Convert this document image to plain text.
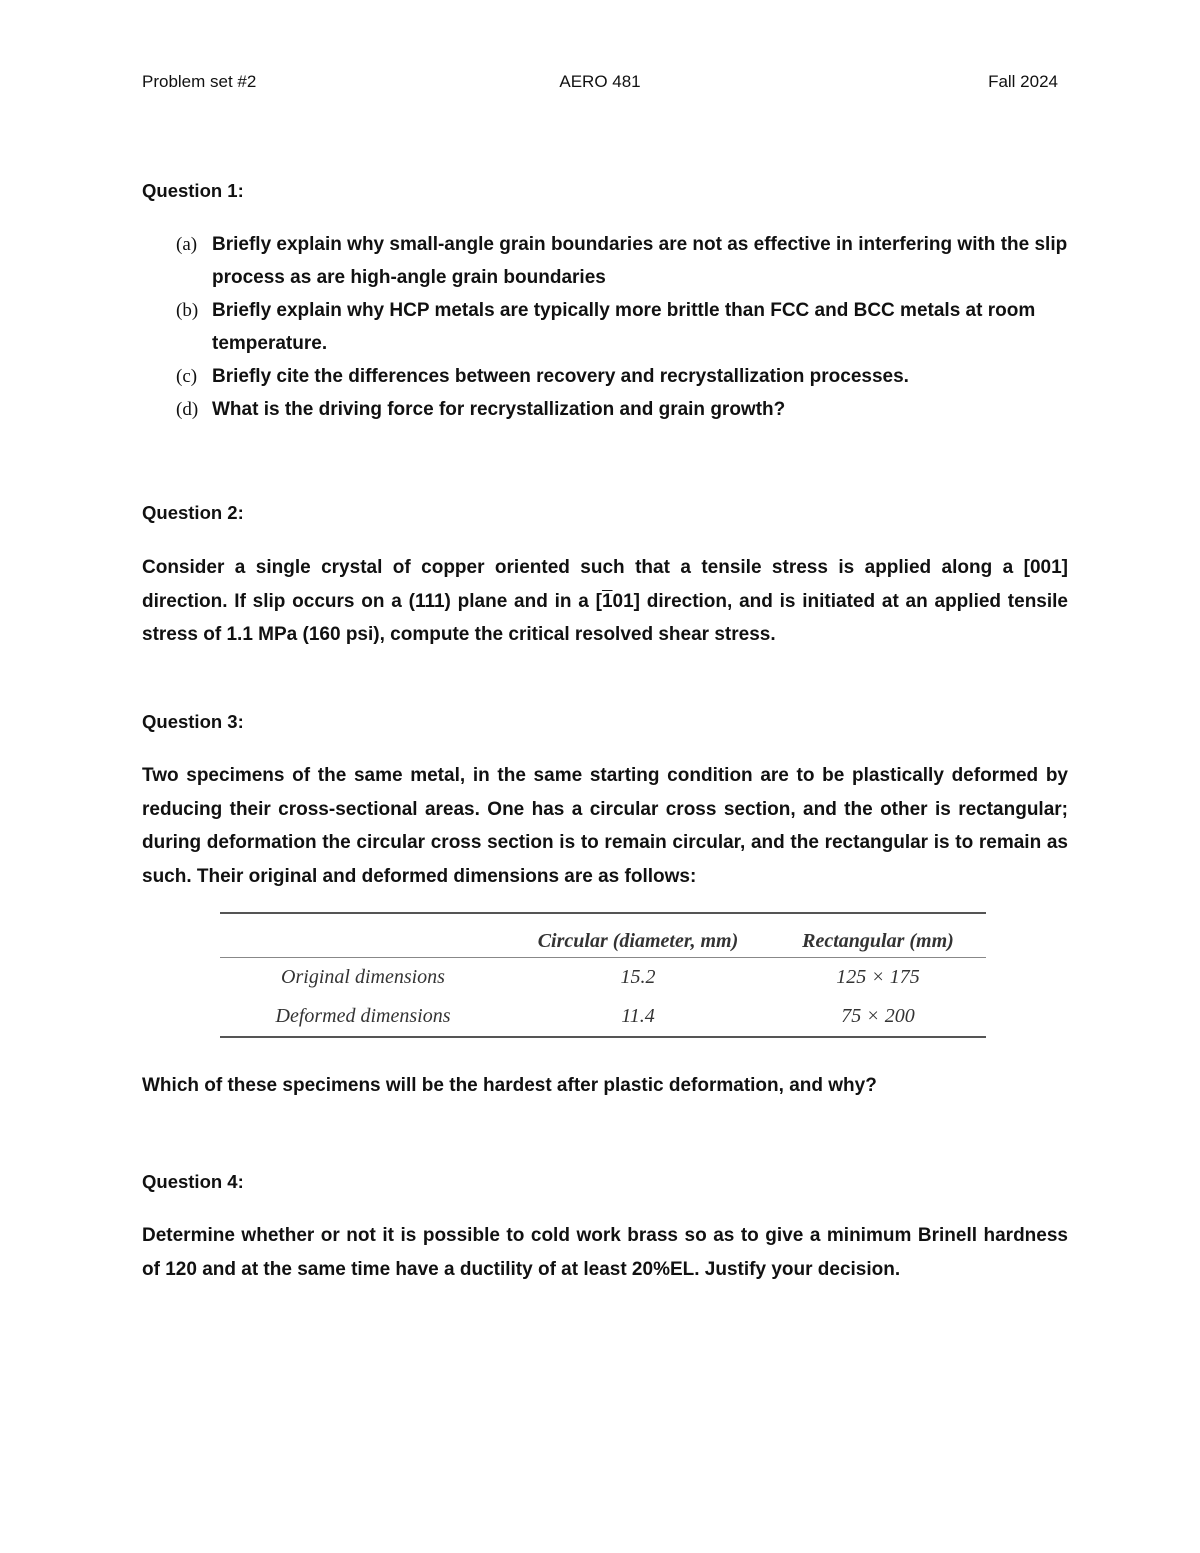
Problem set #2	AERO 481	Fall 2024
Question 1:
(a) Briefly explain why small-angle grain boundaries are not as effective in interfering with the slip process as are high-angle grain boundaries
(b) Briefly explain why HCP metals are typically more brittle than FCC and BCC metals at room temperature.
(c) Briefly cite the differences between recovery and recrystallization processes.
(d) What is the driving force for recrystallization and grain growth?
Question 2:

Consider a single crystal of copper oriented such that a tensile stress is applied along a [001] direction. If slip occurs on a (111) plane and in a [101] direction, and is initiated at an applied tensile stress of 1.1 MPa (160 psi), compute the critical resolved shear stress.

Question 3:

Two specimens of the same metal, in the same starting condition are to be plastically deformed by reducing their cross-sectional areas. One has a circular cross section, and the other is rectangular; during deformation the circular cross section is to remain circular, and the rectangular is to remain as such. Their original and deformed dimensions are as follows:

	Circular (diameter, mm)	Rectangular (mm)
Original dimensions	15.2	125 × 175
Deformed dimensions	11.4	75 × 200

Which of these specimens will be the hardest after plastic deformation, and why?

Question 4:

Determine whether or not it is possible to cold work brass so as to give a minimum Brinell hardness of 120 and at the same time have a ductility of at least 20%EL. Justify your decision.
